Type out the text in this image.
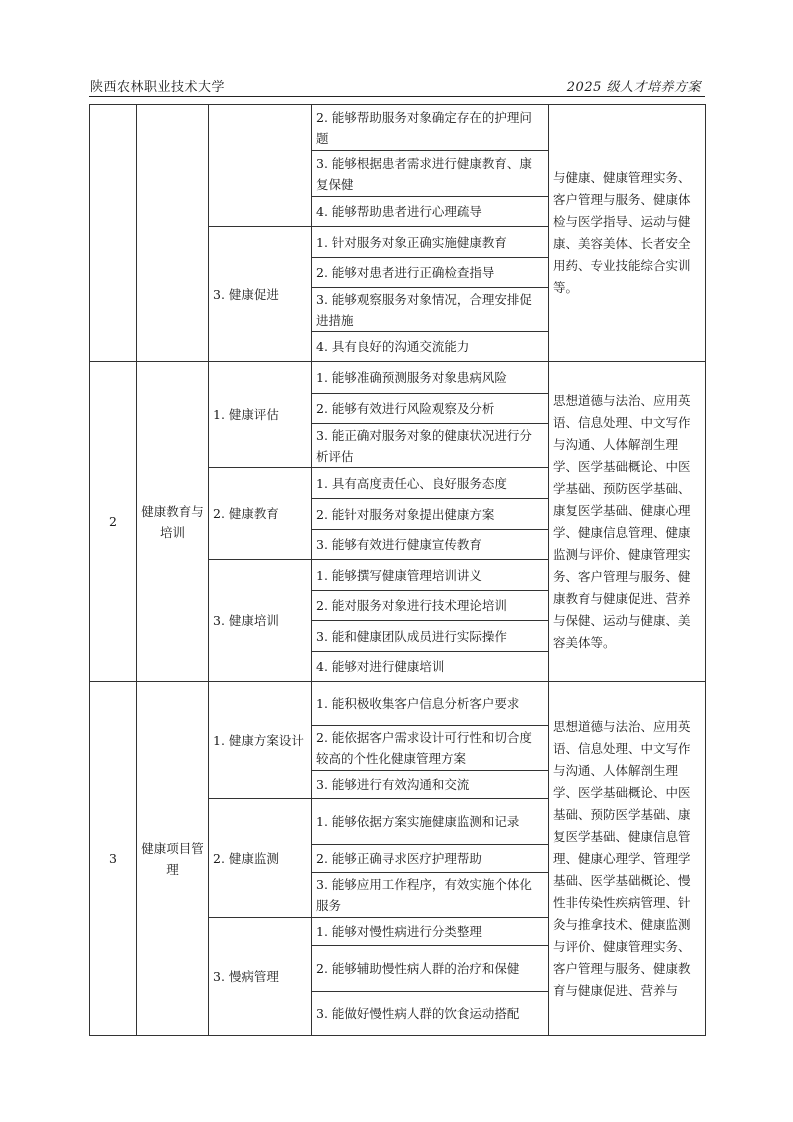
陕西农林职业技术大学	2025 级人才培养方案
			2. 能够帮助服务对象确定存在的护理问题	与健康、健康管理实务、客户管理与服务、健康体检与医学指导、运动与健康、美容美体、长者安全用药、专业技能综合实训等。
			3. 能够根据患者需求进行健康教育、康复保健	
			4. 能够帮助患者进行心理疏导	
		3. 健康促进	1. 针对服务对象正确实施健康教育	
			2. 能够对患者进行正确检查指导	
			3. 能够观察服务对象情况，合理安排促进措施	
			4. 具有良好的沟通交流能力	
2	健康教育与培训	1. 健康评估	1. 能够准确预测服务对象患病风险	思想道德与法治、应用英语、信息处理、中文写作与沟通、人体解剖生理学、医学基础概论、中医学基础、预防医学基础、康复医学基础、健康心理学、健康信息管理、健康监测与评价、健康管理实务、客户管理与服务、健康教育与健康促进、营养与保健、运动与健康、美容美体等。
			2. 能够有效进行风险观察及分析	
			3. 能正确对服务对象的健康状况进行分析评估	
		2. 健康教育	1. 具有高度责任心、良好服务态度	
			2. 能针对服务对象提出健康方案	
			3. 能够有效进行健康宣传教育	
		3. 健康培训	1. 能够撰写健康管理培训讲义	
			2. 能对服务对象进行技术理论培训	
			3. 能和健康团队成员进行实际操作	
			4. 能够对进行健康培训	
3	健康项目管理	1. 健康方案设计	1. 能积极收集客户信息分析客户要求	思想道德与法治、应用英语、信息处理、中文写作与沟通、人体解剖生理学、医学基础概论、中医基础、预防医学基础、康复医学基础、健康信息管理、健康心理学、管理学基础、医学基础概论、慢性非传染性疾病管理、针灸与推拿技术、健康监测与评价、健康管理实务、客户管理与服务、健康教育与健康促进、营养与
			2. 能依据客户需求设计可行性和切合度较高的个性化健康管理方案	
			3. 能够进行有效沟通和交流	
		2. 健康监测	1. 能够依据方案实施健康监测和记录	
			2. 能够正确寻求医疗护理帮助	
			3. 能够应用工作程序，有效实施个体化服务	
		3. 慢病管理	1. 能够对慢性病进行分类整理	
			2. 能够辅助慢性病人群的治疗和保健	
			3. 能做好慢性病人群的饮食运动搭配	
